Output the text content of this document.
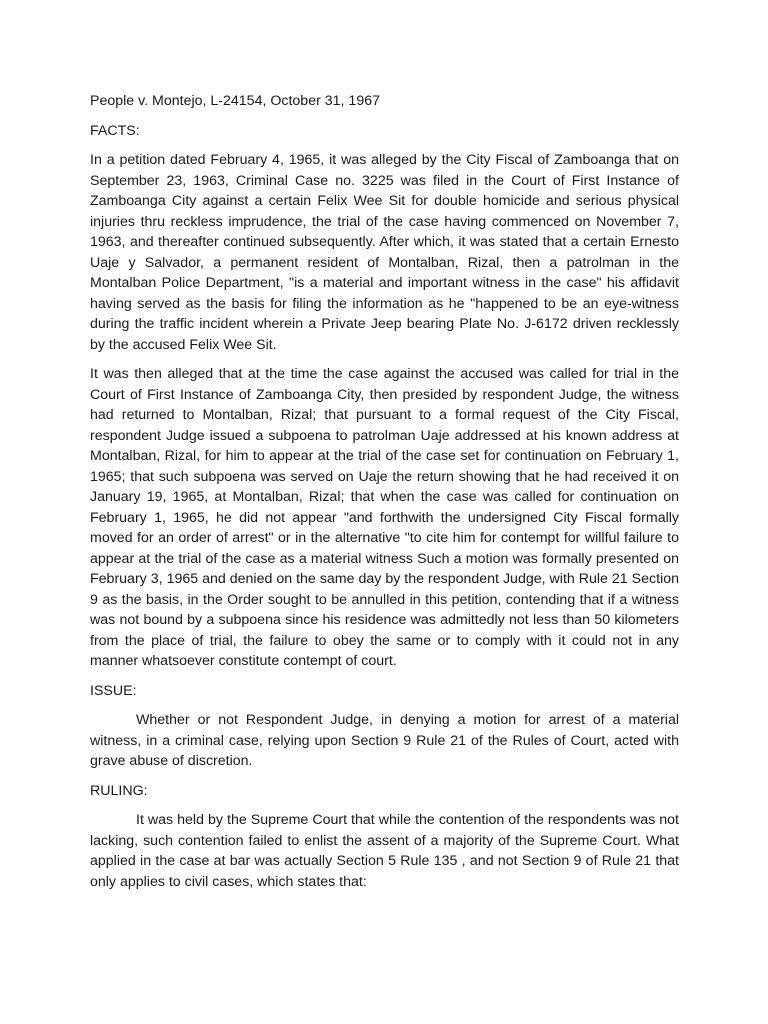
People v. Montejo, L-24154, October 31, 1967

FACTS:

In a petition dated February 4, 1965, it was alleged by the City Fiscal of Zamboanga that on September 23, 1963, Criminal Case no. 3225 was filed in the Court of First Instance of Zamboanga City against a certain Felix Wee Sit for double homicide and serious physical injuries thru reckless imprudence, the trial of the case having commenced on November 7, 1963, and thereafter continued subsequently. After which, it was stated that a certain Ernesto Uaje y Salvador, a permanent resident of Montalban, Rizal, then a patrolman in the Montalban Police Department, "is a material and important witness in the case" his affidavit having served as the basis for filing the information as he "happened to be an eye-witness during the traffic incident wherein a Private Jeep bearing Plate No. J-6172 driven recklessly by the accused Felix Wee Sit.

It was then alleged that at the time the case against the accused was called for trial in the Court of First Instance of Zamboanga City, then presided by respondent Judge, the witness had returned to Montalban, Rizal; that pursuant to a formal request of the City Fiscal, respondent Judge issued a subpoena to patrolman Uaje addressed at his known address at Montalban, Rizal, for him to appear at the trial of the case set for continuation on February 1, 1965; that such subpoena was served on Uaje the return showing that he had received it on January 19, 1965, at Montalban, Rizal; that when the case was called for continuation on February 1, 1965, he did not appear "and forthwith the undersigned City Fiscal formally moved for an order of arrest" or in the alternative "to cite him for contempt for willful failure to appear at the trial of the case as a material witness Such a motion was formally presented on February 3, 1965 and denied on the same day by the respondent Judge, with Rule 21 Section 9 as the basis, in the Order sought to be annulled in this petition, contending that if a witness was not bound by a subpoena since his residence was admittedly not less than 50 kilometers from the place of trial, the failure to obey the same or to comply with it could not in any manner whatsoever constitute contempt of court.

ISSUE:

Whether or not Respondent Judge, in denying a motion for arrest of a material witness, in a criminal case, relying upon Section 9 Rule 21 of the Rules of Court, acted with grave abuse of discretion.

RULING:

It was held by the Supreme Court that while the contention of the respondents was not lacking, such contention failed to enlist the assent of a majority of the Supreme Court. What applied in the case at bar was actually Section 5 Rule 135 , and not Section 9 of Rule 21 that only applies to civil cases, which states that:
